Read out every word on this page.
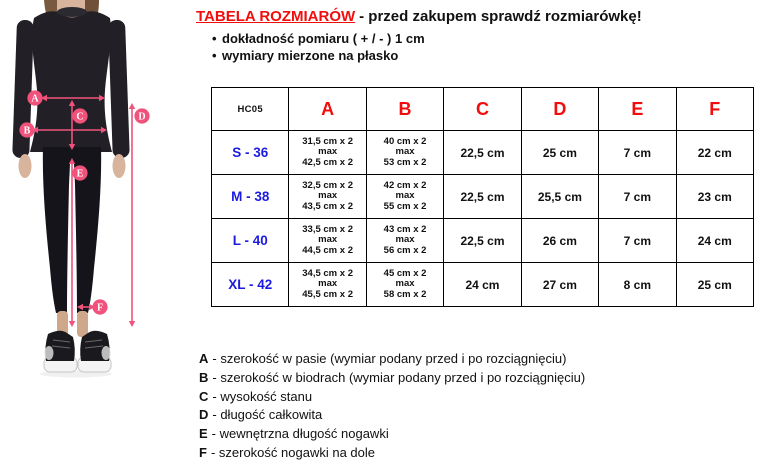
A
B
C	D
E
F
TABELA ROZMIARÓW - przed zakupem sprawdź rozmiarówkę!
• dokładność pomiaru ( + / - ) 1 cm
• wymiary mierzone na płasko
HC05	A	B	C	D	E	F
S - 36	31,5 cm x 2
max
42,5 cm x 2	40 cm x 2
max
53 cm x 2	22,5 cm	25 cm	7 cm	22 cm
M - 38	32,5 cm x 2
max
43,5 cm x 2	42 cm x 2
max
55 cm x 2	22,5 cm	25,5 cm	7 cm	23 cm
L - 40	33,5 cm x 2
max
44,5 cm x 2	43 cm x 2
max
56 cm x 2	22,5 cm	26 cm	7 cm	24 cm
XL - 42	34,5 cm x 2
max
45,5 cm x 2	45 cm x 2
max
58 cm x 2	24 cm	27 cm	8 cm	25 cm
A - szerokość w pasie (wymiar podany przed i po rozciągnięciu)
B - szerokość w biodrach (wymiar podany przed i po rozciągnięciu)
C - wysokość stanu
D - długość całkowita
E - wewnętrzna długość nogawki
F - szerokość nogawki na dole
